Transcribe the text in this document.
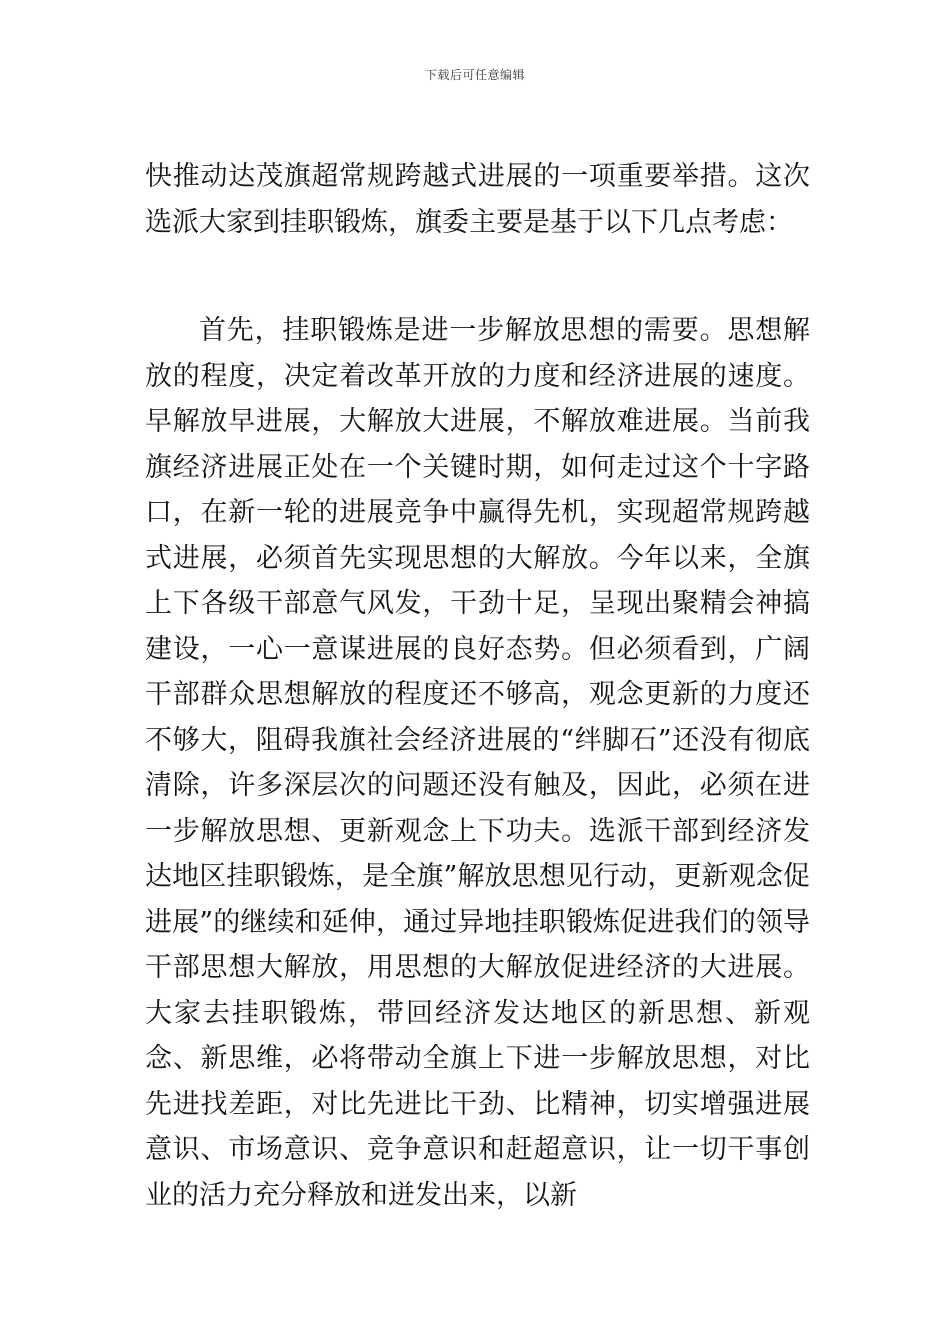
下载后可任意编辑

快推动达茂旗超常规跨越式进展的一项重要举措。这次选派大家到挂职锻炼，旗委主要是基于以下几点考虑：

首先，挂职锻炼是进一步解放思想的需要。思想解放的程度，决定着改革开放的力度和经济进展的速度。早解放早进展，大解放大进展，不解放难进展。当前我旗经济进展正处在一个关键时期，如何走过这个十字路口，在新一轮的进展竞争中赢得先机，实现超常规跨越式进展，必须首先实现思想的大解放。今年以来，全旗上下各级干部意气风发，干劲十足，呈现出聚精会神搞建设，一心一意谋进展的良好态势。但必须看到，广阔干部群众思想解放的程度还不够高，观念更新的力度还不够大，阻碍我旗社会经济进展的“绊脚石”还没有彻底清除，许多深层次的问题还没有触及，因此，必须在进一步解放思想、更新观念上下功夫。选派干部到经济发达地区挂职锻炼，是全旗”解放思想见行动，更新观念促进展”的继续和延伸，通过异地挂职锻炼促进我们的领导干部思想大解放，用思想的大解放促进经济的大进展。大家去挂职锻炼，带回经济发达地区的新思想、新观念、新思维，必将带动全旗上下进一步解放思想，对比先进找差距，对比先进比干劲、比精神，切实增强进展意识、市场意识、竞争意识和赶超意识，让一切干事创业的活力充分释放和迸发出来，以新
